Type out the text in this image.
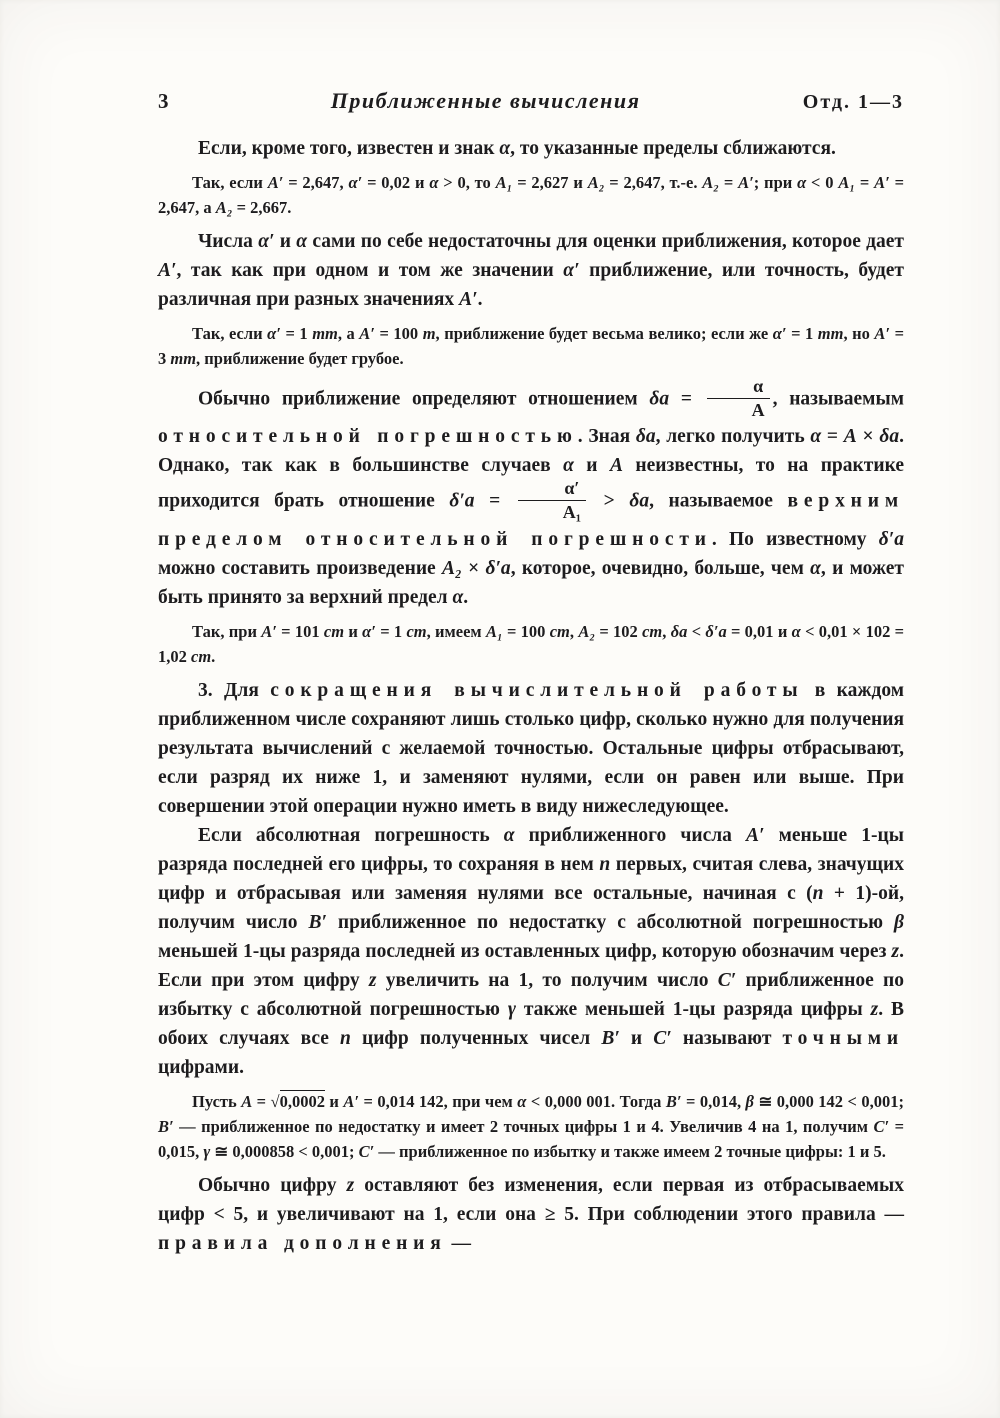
3	Приближенные вычисления	Отд. 1—3

Если, кроме того, известен и знак α, то указанные пределы сближаются.

Так, если A′ = 2,647, α′ = 0,02 и α > 0, то A₁ = 2,627 и A₂ = 2,647, т.-е. A₂ = A′; при α < 0 A₁ = A′ = 2,647, а A₂ = 2,667.

Числа α′ и α сами по себе недостаточны для оценки приближения, которое дает A′, так как при одном и том же значении α′ приближение, или точность, будет различная при разных значениях A′.

Так, если α′ = 1 mm, а A′ = 100 m, приближение будет весьма велико; если же α′ = 1 mm, но A′ = 3 mm, приближение будет грубое.

Обычно приближение определяют отношением $\delta a = \frac{\alpha}{A}$ , называемым относительной погрешностью. Зная δa, легко получить α = A × δa. Однако, так как в большинстве случаев α и A неизвестны, то на практике приходится брать отношение $\delta'a = \frac{\alpha'}{\text{A₁}} > \delta a$, называемое верхним пределом относительной погрешности. По известному δ′a можно составить произведение A₂ × δ′a, которое, очевидно, больше, чем α, и может быть принято за верхний предел α.

Так, при A′ = 101 cm и α′ = 1 cm, имеем A₁ = 100 cm, A₂ = 102 cm, δa < δ′a = 0,01 и α < 0,01 × 102 = 1,02 cm.

3. Для сокращения вычислительной работы в каждом приближенном числе сохраняют лишь столько цифр, сколько нужно для получения результата вычислений с желаемой точностью. Остальные цифры отбрасывают, если разряд их ниже 1, и заменяют нулями, если он равен или выше. При совершении этой операции нужно иметь в виду нижеследующее.

Если абсолютная погрешность α приближенного числа A′ меньше 1-цы разряда последней его цифры, то сохраняя в нем n первых, считая слева, значущих цифр и отбрасывая или заменяя нулями все остальные, начиная с (n + 1)-ой, получим число B′ приближенное по недостатку с абсолютной погрешностью β меньшей 1-цы разряда последней из оставленных цифр, которую обозначим через z. Если при этом цифру z увеличить на 1, то получим число C′ приближенное по избытку с абсолютной погрешностью γ также меньшей 1-цы разряда цифры z. В обоих случаях все n цифр полученных чисел B′ и C′ называют точными цифрами.

Пусть A = √0,0002 и A′ = 0,014 142, при чем α < 0,000 001. Тогда B′ = 0,014, β ≅ 0,000 142 < 0,001; B′ — приближенное по недостатку и имеет 2 точных цифры 1 и 4. Увеличив 4 на 1, получим C′ = 0,015, γ ≅ 0,000858 < 0,001; C′ — приближенное по избытку и также имеем 2 точные цифры: 1 и 5.

Обычно цифру z оставляют без изменения, если первая из отбрасываемых цифр < 5, и увеличивают на 1, если она ≥ 5. При соблюдении этого правила — правила дополнения —
